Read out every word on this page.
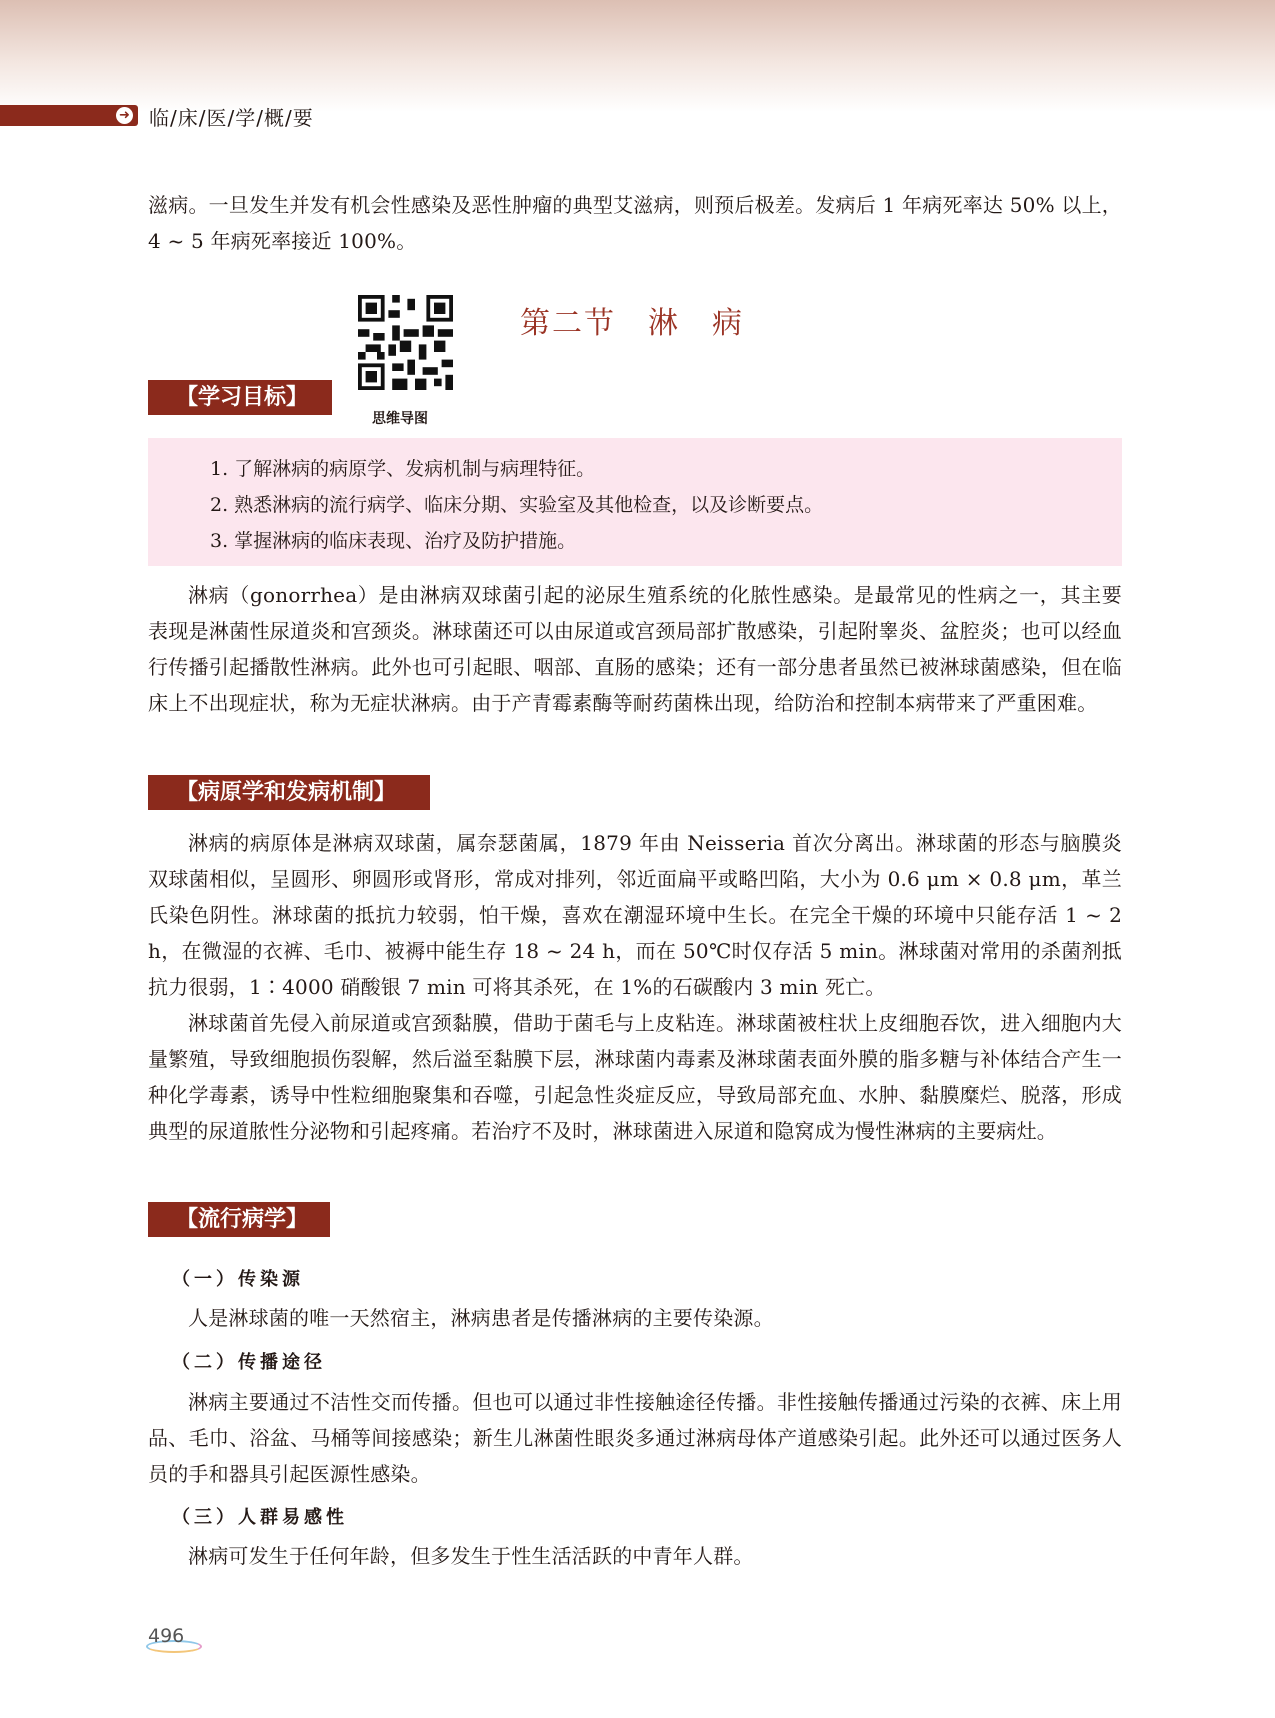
➜ 临/床/医/学/概/要

滋病。一旦发生并发有机会性感染及恶性肿瘤的典型艾滋病，则预后极差。发病后 1 年病死率达 50% 以上，4 ~ 5 年病死率接近 100%。

第二节　淋　病
思维导图
【学习目标】
1. 了解淋病的病原学、发病机制与病理特征。
2. 熟悉淋病的流行病学、临床分期、实验室及其他检查，以及诊断要点。
3. 掌握淋病的临床表现、治疗及防护措施。

淋病（gonorrhea）是由淋病双球菌引起的泌尿生殖系统的化脓性感染。是最常见的性病之一，其主要表现是淋菌性尿道炎和宫颈炎。淋球菌还可以由尿道或宫颈局部扩散感染，引起附睾炎、盆腔炎；也可以经血行传播引起播散性淋病。此外也可引起眼、咽部、直肠的感染；还有一部分患者虽然已被淋球菌感染，但在临床上不出现症状，称为无症状淋病。由于产青霉素酶等耐药菌株出现，给防治和控制本病带来了严重困难。

【病原学和发病机制】

淋病的病原体是淋病双球菌，属奈瑟菌属，1879 年由 Neisseria 首次分离出。淋球菌的形态与脑膜炎双球菌相似，呈圆形、卵圆形或肾形，常成对排列，邻近面扁平或略凹陷，大小为 0.6 μm × 0.8 μm，革兰氏染色阴性。淋球菌的抵抗力较弱，怕干燥，喜欢在潮湿环境中生长。在完全干燥的环境中只能存活 1 ~ 2 h，在微湿的衣裤、毛巾、被褥中能生存 18 ~ 24 h，而在 50℃时仅存活 5 min。淋球菌对常用的杀菌剂抵抗力很弱，1∶4000 硝酸银 7 min 可将其杀死，在 1%的石碳酸内 3 min 死亡。

淋球菌首先侵入前尿道或宫颈黏膜，借助于菌毛与上皮粘连。淋球菌被柱状上皮细胞吞饮，进入细胞内大量繁殖，导致细胞损伤裂解，然后溢至黏膜下层，淋球菌内毒素及淋球菌表面外膜的脂多糖与补体结合产生一种化学毒素，诱导中性粒细胞聚集和吞噬，引起急性炎症反应，导致局部充血、水肿、黏膜糜烂、脱落，形成典型的尿道脓性分泌物和引起疼痛。若治疗不及时，淋球菌进入尿道和隐窝成为慢性淋病的主要病灶。

【流行病学】
（一）传染源

人是淋球菌的唯一天然宿主，淋病患者是传播淋病的主要传染源。

（二）传播途径

淋病主要通过不洁性交而传播。但也可以通过非性接触途径传播。非性接触传播通过污染的衣裤、床上用品、毛巾、浴盆、马桶等间接感染；新生儿淋菌性眼炎多通过淋病母体产道感染引起。此外还可以通过医务人员的手和器具引起医源性感染。

（三）人群易感性

淋病可发生于任何年龄，但多发生于性生活活跃的中青年人群。

496
